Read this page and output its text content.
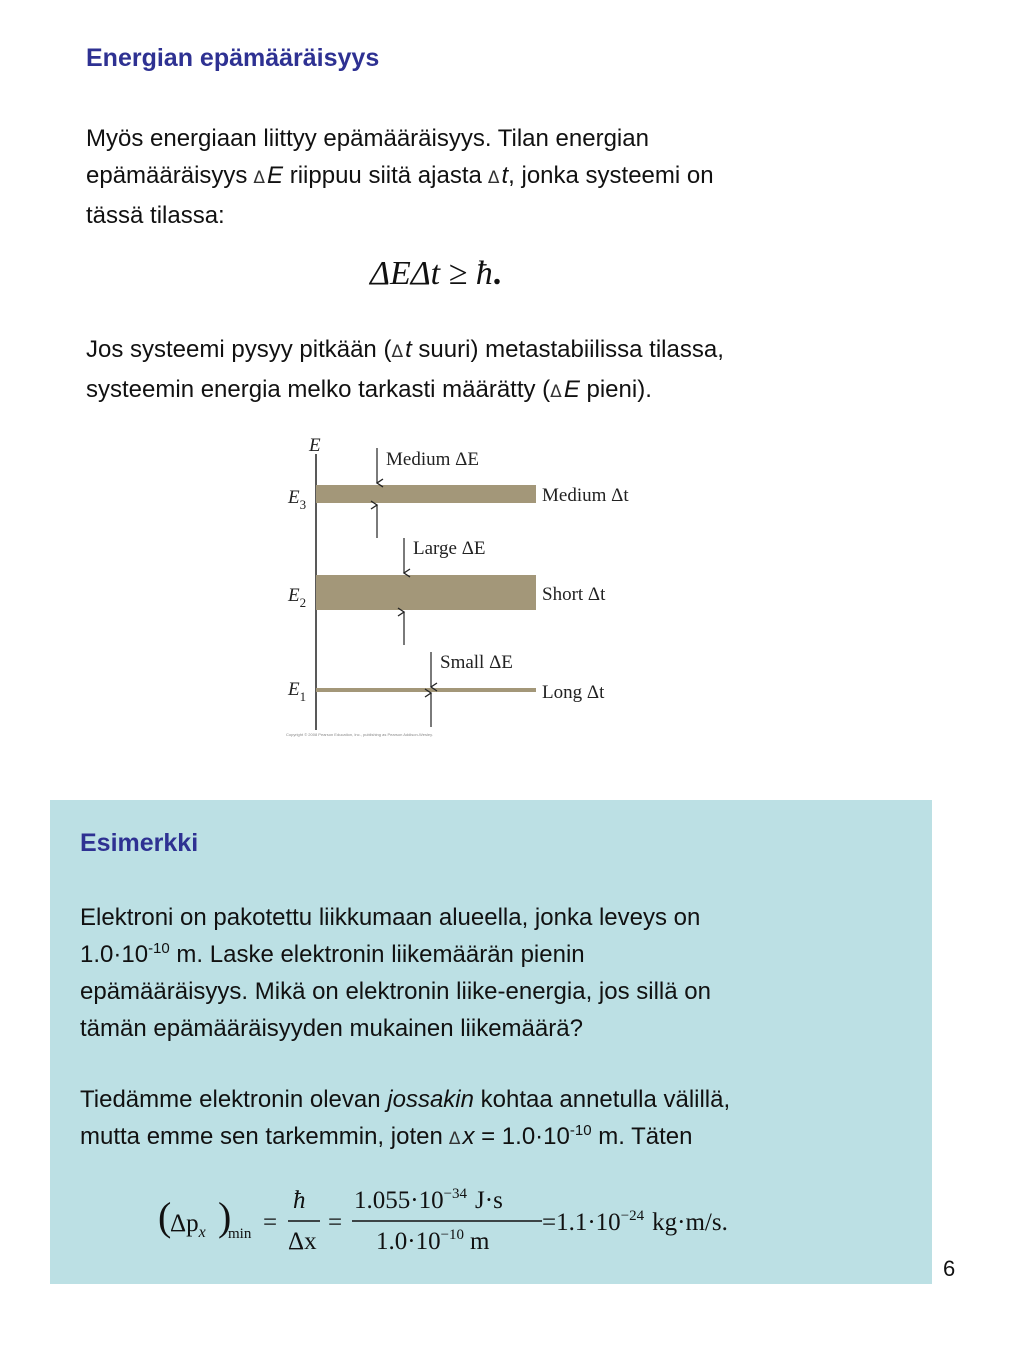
Energian epämääräisyys
Myös energiaan liittyy epämääräisyys. Tilan energian
epämääräisyys ΔE riippuu siitä ajasta Δt, jonka systeemi on
tässä tilassa:
ΔEΔt ≥ ħ.
Jos systeemi pysyy pitkään (Δt suuri) metastabiilissa tilassa,
systeemin energia melko tarkasti määrätty (ΔE pieni).
E
$E_3$
Medium ΔE
Medium Δt
$E_2$
Large ΔE
Short Δt
$E_1$
Small ΔE
Long Δt
Copyright © 2008 Pearson Education, Inc., publishing as Pearson Addison-Wesley.
Esimerkki
Elektroni on pakotettu liikkumaan alueella, jonka leveys on
$1.0\cdot 10^{-10}$ m. Laske elektronin liikemäärän pienin
epämääräisyys. Mikä on elektronin liike-energia, jos sillä on
tämän epämääräisyyden mukainen liikemäärä?
Tiedämme elektronin olevan jossakin kohtaa annetulla välillä,
mutta emme sen tarkemmin, joten $\Delta x = 1.0\cdot 10^{-10}$ m. Täten
(
$\Delta p_x$ )
min =
ħ
Δx
=
$1.055\cdot 10^{-34}$ J·s
$1.0\cdot 10^{-10}$ m
$=1.1\cdot 10^{-24}$ kg·m/s.
6
